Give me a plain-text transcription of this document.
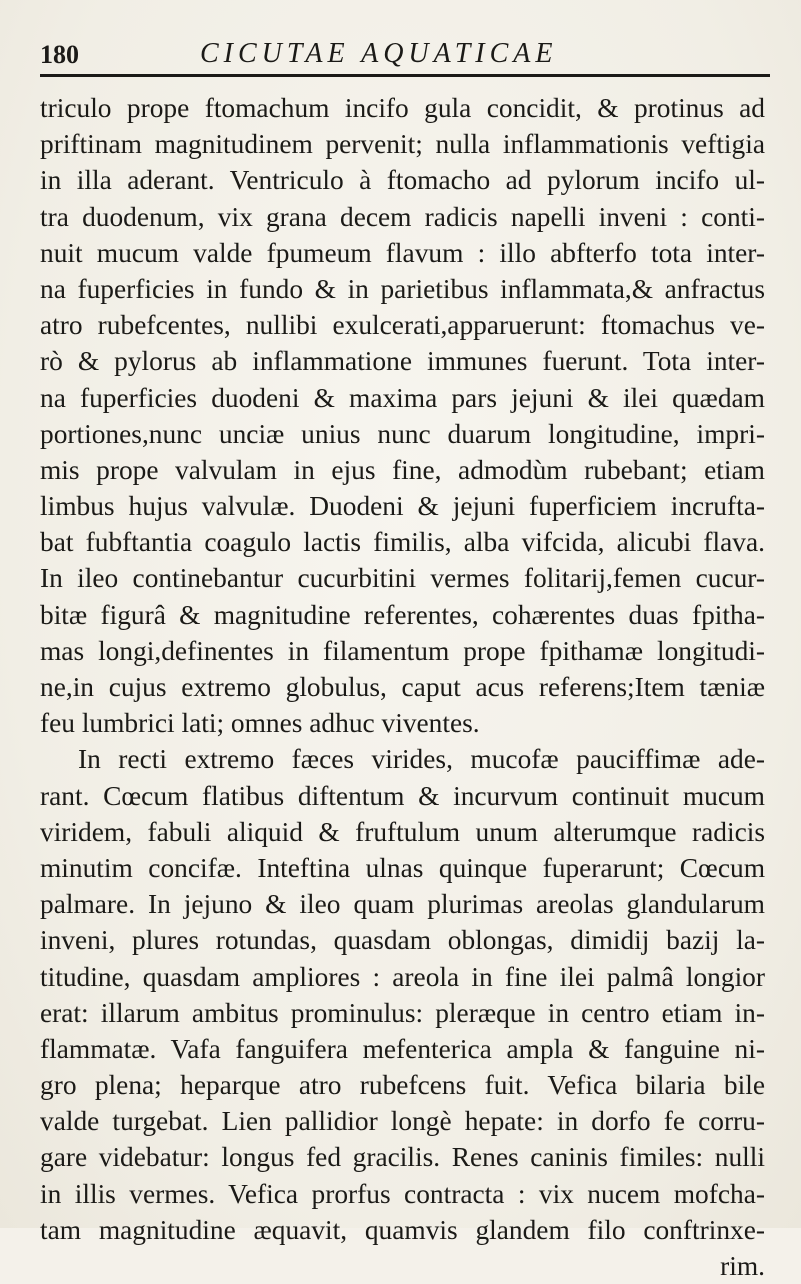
180	CICUTAE AQUATICAE
triculo prope ftomachum incifo gula concidit, & protinus ad
priftinam magnitudinem pervenit; nulla inflammationis veftigia
in illa aderant. Ventriculo à ftomacho ad pylorum incifo ul-
tra duodenum, vix grana decem radicis napelli inveni : conti-
nuit mucum valde fpumeum flavum : illo abfterfo tota inter-
na fuperficies in fundo & in parietibus inflammata,& anfractus
atro rubefcentes, nullibi exulcerati,apparuerunt: ftomachus ve-
rò & pylorus ab inflammatione immunes fuerunt. Tota inter-
na fuperficies duodeni & maxima pars jejuni & ilei quædam
portiones,nunc unciæ unius nunc duarum longitudine, impri-
mis prope valvulam in ejus fine, admodùm rubebant; etiam
limbus hujus valvulæ. Duodeni & jejuni fuperficiem incrufta-
bat fubftantia coagulo lactis fimilis, alba vifcida, alicubi flava.
In ileo continebantur cucurbitini vermes folitarij,femen cucur-
bitæ figurâ & magnitudine referentes, cohærentes duas fpitha-
mas longi,definentes in filamentum prope fpithamæ longitudi-
ne,in cujus extremo globulus, caput acus referens;Item tæniæ
feu lumbrici lati; omnes adhuc viventes.
In recti extremo fæces virides, mucofæ pauciffimæ ade-
rant. Cœcum flatibus diftentum & incurvum continuit mucum
viridem, fabuli aliquid & fruftulum unum alterumque radicis
minutim concifæ. Inteftina ulnas quinque fuperarunt; Cœcum
palmare. In jejuno & ileo quam plurimas areolas glandularum
inveni, plures rotundas, quasdam oblongas, dimidij bazij la-
titudine, quasdam ampliores : areola in fine ilei palmâ longior
erat: illarum ambitus prominulus: pleræque in centro etiam in-
flammatæ. Vafa fanguifera mefenterica ampla & fanguine ni-
gro plena; heparque atro rubefcens fuit. Vefica bilaria bile
valde turgebat. Lien pallidior longè hepate: in dorfo fe corru-
gare videbatur: longus fed gracilis. Renes caninis fimiles: nulli
in illis vermes. Vefica prorfus contracta : vix nucem mofcha-
tam magnitudine æquavit, quamvis glandem filo conftrinxe-
rim.
